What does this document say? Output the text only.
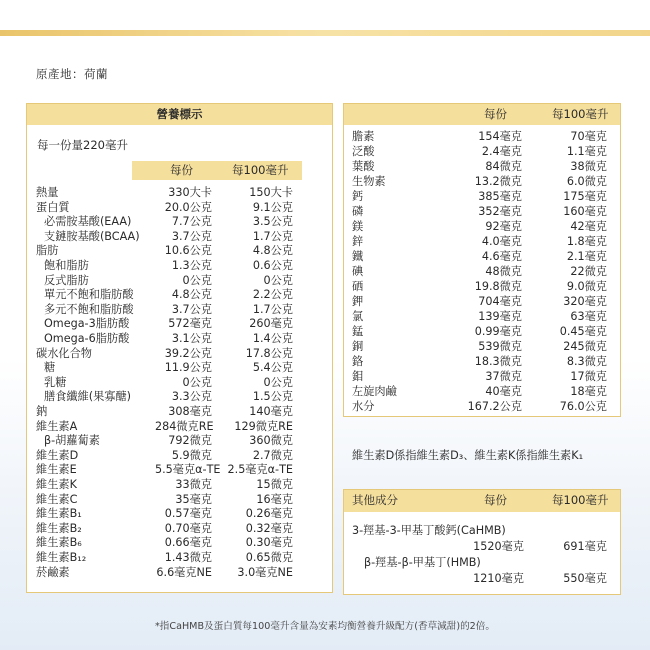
原產地：荷蘭
營養標示
每一份量220毫升
每份	每100毫升
熱量	330大卡	150大卡
蛋白質	20.0公克	9.1公克
必需胺基酸(EAA)	7.7公克	3.5公克
支鏈胺基酸(BCAA)	3.7公克	1.7公克
脂肪	10.6公克	4.8公克
飽和脂肪	1.3公克	0.6公克
反式脂肪	0公克	0公克
單元不飽和脂肪酸	4.8公克	2.2公克
多元不飽和脂肪酸	3.7公克	1.7公克
Omega-3脂肪酸	572毫克	260毫克
Omega-6脂肪酸	3.1公克	1.4公克
碳水化合物	39.2公克	17.8公克
糖	11.9公克	5.4公克
乳糖	0公克	0公克
膳食纖維(果寡醣)	3.3公克	1.5公克
鈉	308毫克	140毫克
維生素A	284微克RE	129微克RE
β-胡蘿蔔素	792微克	360微克
維生素D	5.9微克	2.7微克
維生素E	5.5毫克α-TE 2.5毫克α-TE
維生素K	33微克	15微克
維生素C	35毫克	16毫克
維生素B₁	0.57毫克	0.26毫克
維生素B₂	0.70毫克	0.32毫克
維生素B₆	0.66毫克	0.30毫克
維生素B₁₂	1.43微克	0.65微克
菸鹼素	6.6毫克NE	3.0毫克NE
每份	每100毫升
膽素	154毫克	70毫克
泛酸	2.4毫克	1.1毫克
葉酸	84微克	38微克
生物素	13.2微克	6.0微克
鈣	385毫克	175毫克
磷	352毫克	160毫克
鎂	92毫克	42毫克
鋅	4.0毫克	1.8毫克
鐵	4.6毫克	2.1毫克
碘	48微克	22微克
硒	19.8微克	9.0微克
鉀	704毫克	320毫克
氯	139毫克	63毫克
錳	0.99毫克	0.45毫克
銅	539微克	245微克
鉻	18.3微克	8.3微克
鉬	37微克	17微克
左旋肉鹼	40毫克	18毫克
水分	167.2公克	76.0公克
維生素D係指維生素D₃、維生素K係指維生素K₁
其他成分	每份	每100毫升
3-羥基-3-甲基丁酸鈣(CaHMB)
1520毫克	691毫克
β-羥基-β-甲基丁(HMB)
1210毫克	550毫克
*指CaHMB及蛋白質每100毫升含量為安素均衡營養升級配方(香草減甜)的2倍。
